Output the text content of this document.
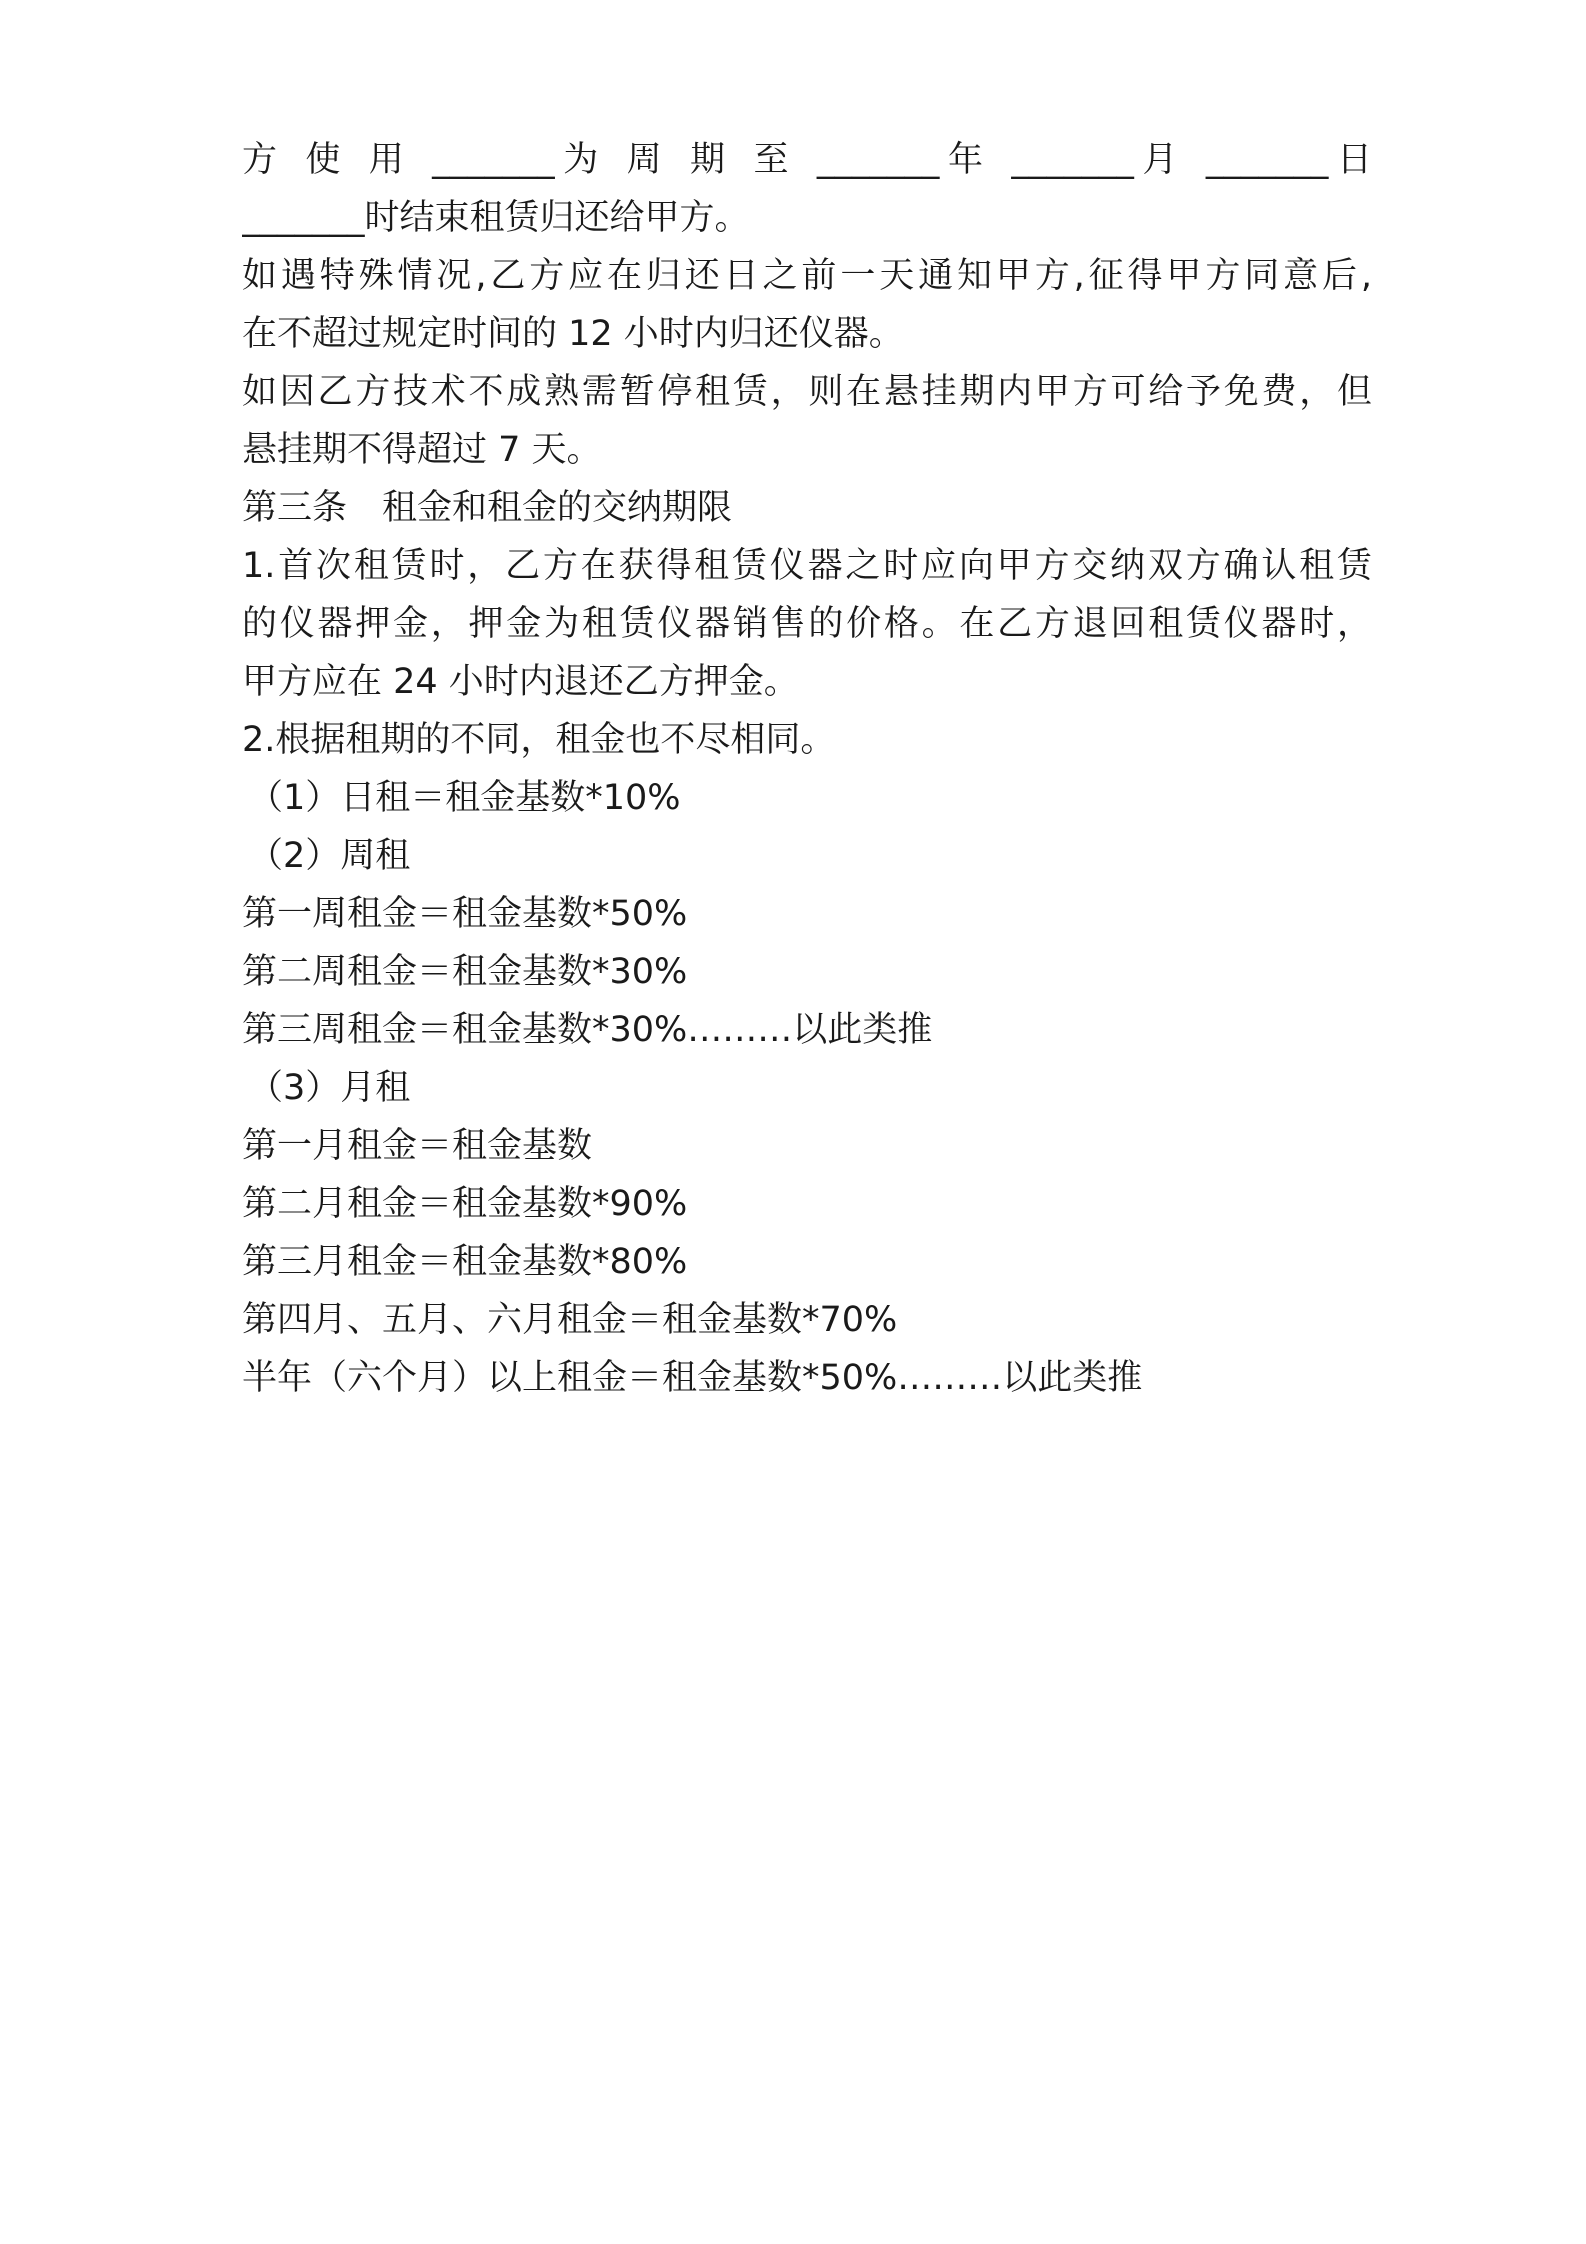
方 使 用 _______为 周 期 至 _______年 _______月 _______日
_______时结束租赁归还给甲方。
如遇特殊情况,乙方应在归还日之前一天通知甲方,征得甲方同意后,
在不超过规定时间的 12 小时内归还仪器。
如因乙方技术不成熟需暂停租赁，则在悬挂期内甲方可给予免费，但
悬挂期不得超过 7 天。
第三条　租金和租金的交纳期限
1.首次租赁时，乙方在获得租赁仪器之时应向甲方交纳双方确认租赁
的仪器押金，押金为租赁仪器销售的价格。在乙方退回租赁仪器时，
甲方应在 24 小时内退还乙方押金。
2.根据租期的不同，租金也不尽相同。
（1）日租＝租金基数*10%
（2）周租
第一周租金＝租金基数*50%
第二周租金＝租金基数*30%
第三周租金＝租金基数*30%………以此类推
（3）月租
第一月租金＝租金基数
第二月租金＝租金基数*90%
第三月租金＝租金基数*80%
第四月、五月、六月租金＝租金基数*70%
半年（六个月）以上租金＝租金基数*50%………以此类推
